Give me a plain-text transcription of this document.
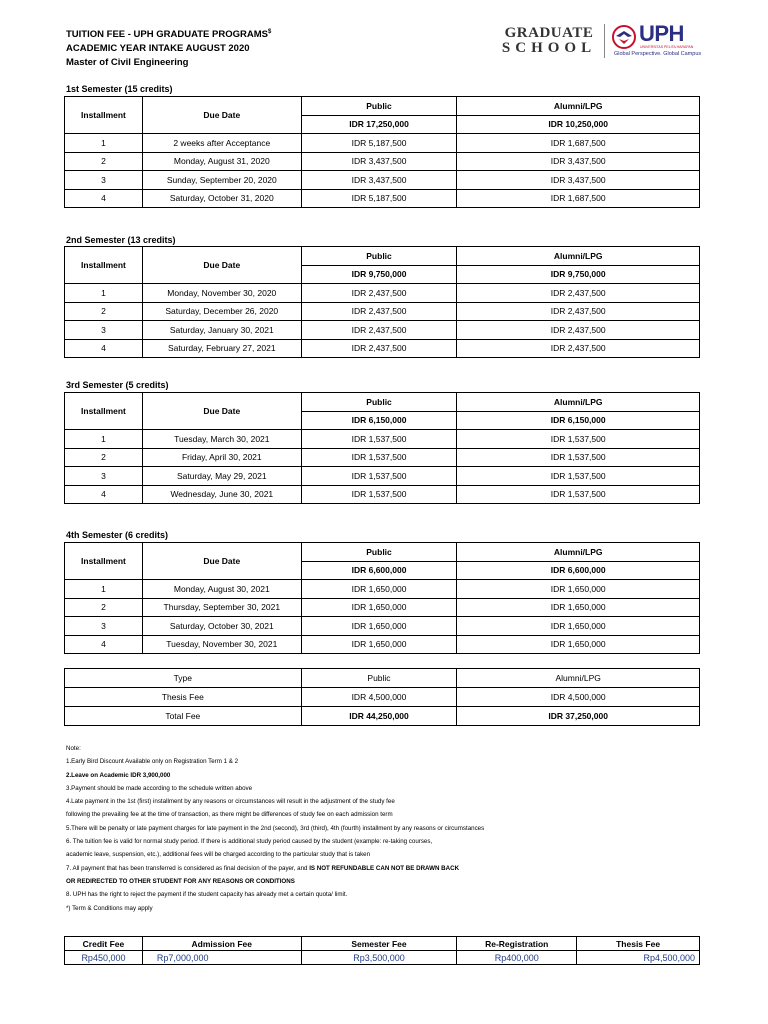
TUITION FEE - UPH GRADUATE PROGRAMS$
ACADEMIC YEAR INTAKE AUGUST 2020
Master of Civil Engineering
GRADUATE
SCHOOL
UPH
UNIVERSITAS PELITA HARAPAN
Global Perspective. Global Campus
1st Semester (15 credits)
Installment	Due Date	Public	Alumni/LPG
		IDR 17,250,000	IDR 10,250,000
1	2 weeks after Acceptance	IDR 5,187,500	IDR 1,687,500
2	Monday, August 31, 2020	IDR 3,437,500	IDR 3,437,500
3	Sunday, September 20, 2020	IDR 3,437,500	IDR 3,437,500
4	Saturday, October 31, 2020	IDR 5,187,500	IDR 1,687,500
2nd Semester (13 credits)
Installment	Due Date	Public	Alumni/LPG
		IDR 9,750,000	IDR 9,750,000
1	Monday, November 30, 2020	IDR 2,437,500	IDR 2,437,500
2	Saturday, December 26, 2020	IDR 2,437,500	IDR 2,437,500
3	Saturday, January 30, 2021	IDR 2,437,500	IDR 2,437,500
4	Saturday, February 27, 2021	IDR 2,437,500	IDR 2,437,500
3rd Semester (5 credits)
Installment	Due Date	Public	Alumni/LPG
		IDR 6,150,000	IDR 6,150,000
1	Tuesday, March 30, 2021	IDR 1,537,500	IDR 1,537,500
2	Friday, April 30, 2021	IDR 1,537,500	IDR 1,537,500
3	Saturday, May 29, 2021	IDR 1,537,500	IDR 1,537,500
4	Wednesday, June 30, 2021	IDR 1,537,500	IDR 1,537,500
4th Semester (6 credits)
Installment	Due Date	Public	Alumni/LPG
		IDR 6,600,000	IDR 6,600,000
1	Monday, August 30, 2021	IDR 1,650,000	IDR 1,650,000
2	Thursday, September 30, 2021	IDR 1,650,000	IDR 1,650,000
3	Saturday, October 30, 2021	IDR 1,650,000	IDR 1,650,000
4	Tuesday, November 30, 2021	IDR 1,650,000	IDR 1,650,000
Type	Public	Alumni/LPG
Thesis Fee	IDR 4,500,000	IDR 4,500,000
Total Fee	IDR 44,250,000	IDR 37,250,000
Note:
1.Early Bird Discount Available only on Registration Term 1 & 2
2.Leave on Academic IDR 3,900,000
3.Payment should be made according to the schedule written above
4.Late payment in the 1st (first) installment by any reasons or circumstances will result in the adjustment of the study fee
following the prevailing fee at the time of transaction, as there might be differences of study fee on each admission term
5.There will be penalty or late payment charges for late payment in the 2nd (second), 3rd (third), 4th (fourth) installment by any reasons or circumstances
6. The tuition fee is valid for normal study period. If there is additional study period caused by the student (example: re-taking courses,
academic leave, suspension, etc.), additional fees will be charged according to the particular study that is taken
7. All payment that has been transferred is considered as final decision of the payer, and IS NOT REFUNDABLE CAN NOT BE DRAWN BACK
OR REDIRECTED TO OTHER STUDENT FOR ANY REASONS OR CONDITIONS
8. UPH has the right to reject the payment if the student capacity has already met a certain quota/ limit.
*) Term & Conditions may apply
Credit Fee	Admission Fee	Semester Fee	Re-Registration	Thesis Fee
Rp450,000	Rp7,000,000	Rp3,500,000	Rp400,000	Rp4,500,000
